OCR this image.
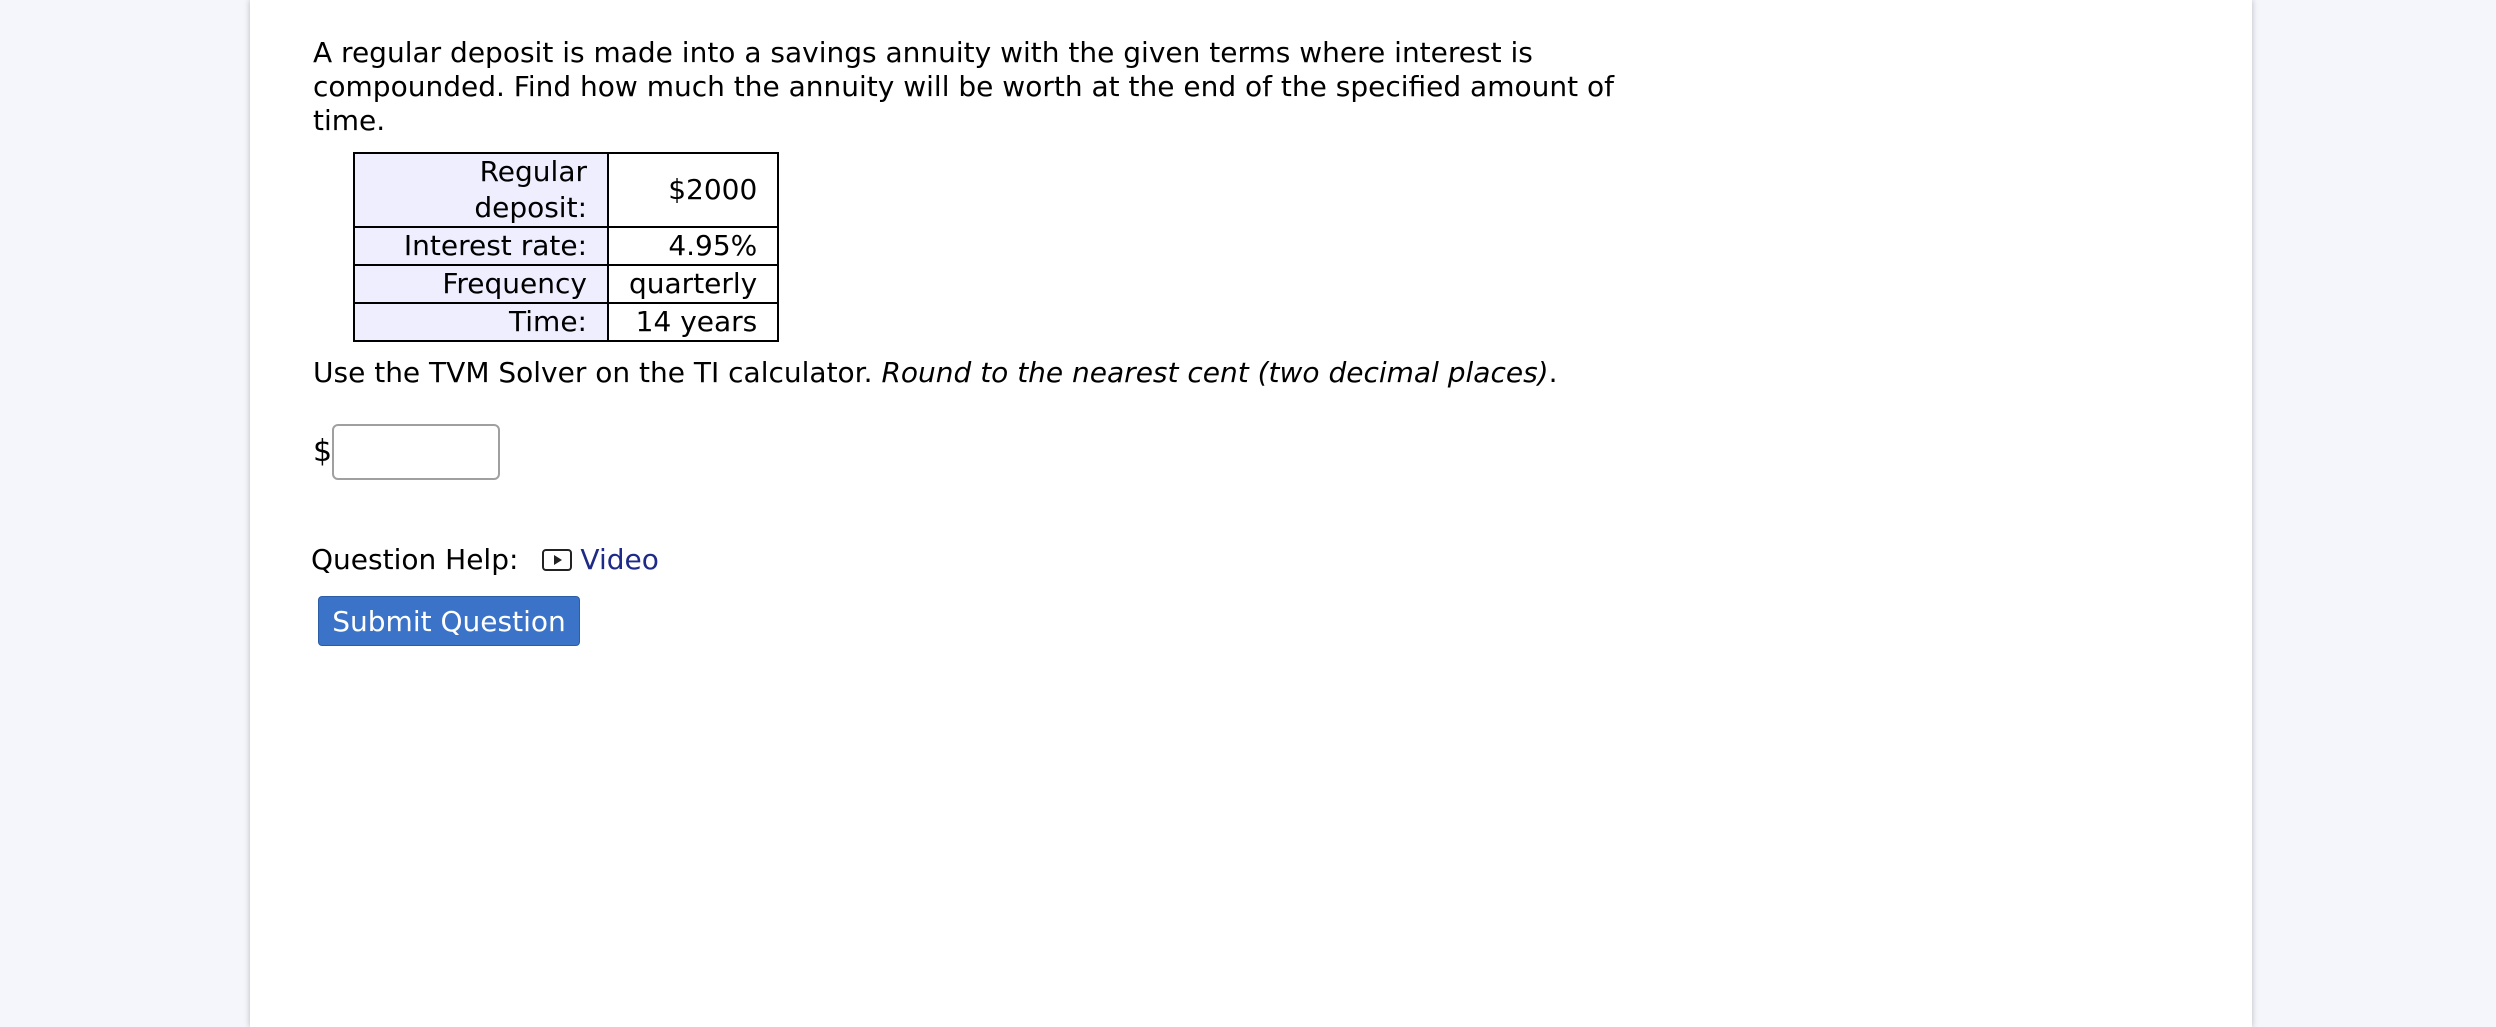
A regular deposit is made into a savings annuity with the given terms where interest is compounded. Find how much the annuity will be worth at the end of the specified amount of time.

Regular deposit:	$2000
Interest rate:	4.95%
Frequency	quarterly
Time:	14 years

Use the TVM Solver on the TI calculator. Round to the nearest cent (two decimal places).

$
Question Help: Video
Submit Question
